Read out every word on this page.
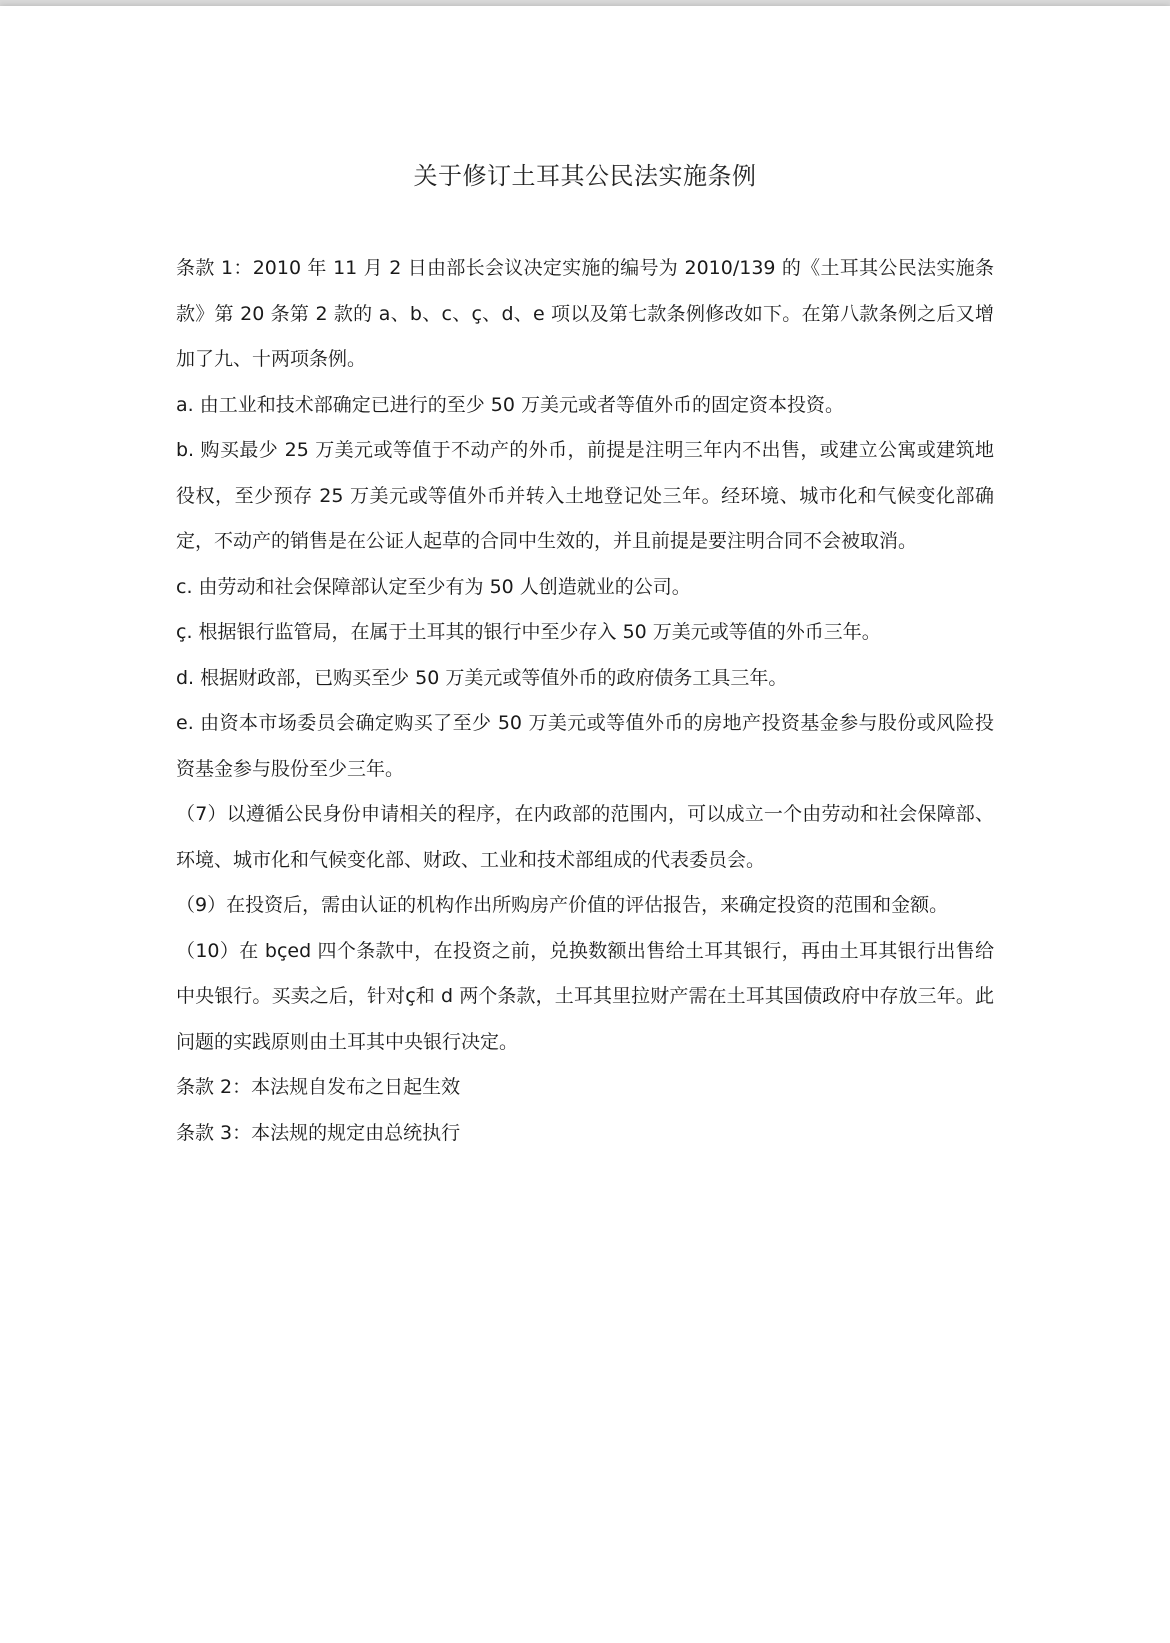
关于修订土耳其公民法实施条例

条款 1：2010 年 11 月 2 日由部长会议决定实施的编号为 2010/139 的《土耳其公民法实施条款》第 20 条第 2 款的 a、b、c、ç、d、e 项以及第七款条例修改如下。在第八款条例之后又增加了九、十两项条例。

a. 由工业和技术部确定已进行的至少 50 万美元或者等值外币的固定资本投资。

b. 购买最少 25 万美元或等值于不动产的外币，前提是注明三年内不出售，或建立公寓或建筑地役权，至少预存 25 万美元或等值外币并转入土地登记处三年。经环境、城市化和气候变化部确定，不动产的销售是在公证人起草的合同中生效的，并且前提是要注明合同不会被取消。

c. 由劳动和社会保障部认定至少有为 50 人创造就业的公司。

ç. 根据银行监管局，在属于土耳其的银行中至少存入 50 万美元或等值的外币三年。

d. 根据财政部，已购买至少 50 万美元或等值外币的政府债务工具三年。

e. 由资本市场委员会确定购买了至少 50 万美元或等值外币的房地产投资基金参与股份或风险投资基金参与股份至少三年。

（7）以遵循公民身份申请相关的程序，在内政部的范围内，可以成立一个由劳动和社会保障部、环境、城市化和气候变化部、财政、工业和技术部组成的代表委员会。

（9）在投资后，需由认证的机构作出所购房产价值的评估报告，来确定投资的范围和金额。

（10）在 bçed 四个条款中，在投资之前，兑换数额出售给土耳其银行，再由土耳其银行出售给中央银行。买卖之后，针对ç和 d 两个条款，土耳其里拉财产需在土耳其国债政府中存放三年。此问题的实践原则由土耳其中央银行决定。

条款 2：本法规自发布之日起生效

条款 3：本法规的规定由总统执行
